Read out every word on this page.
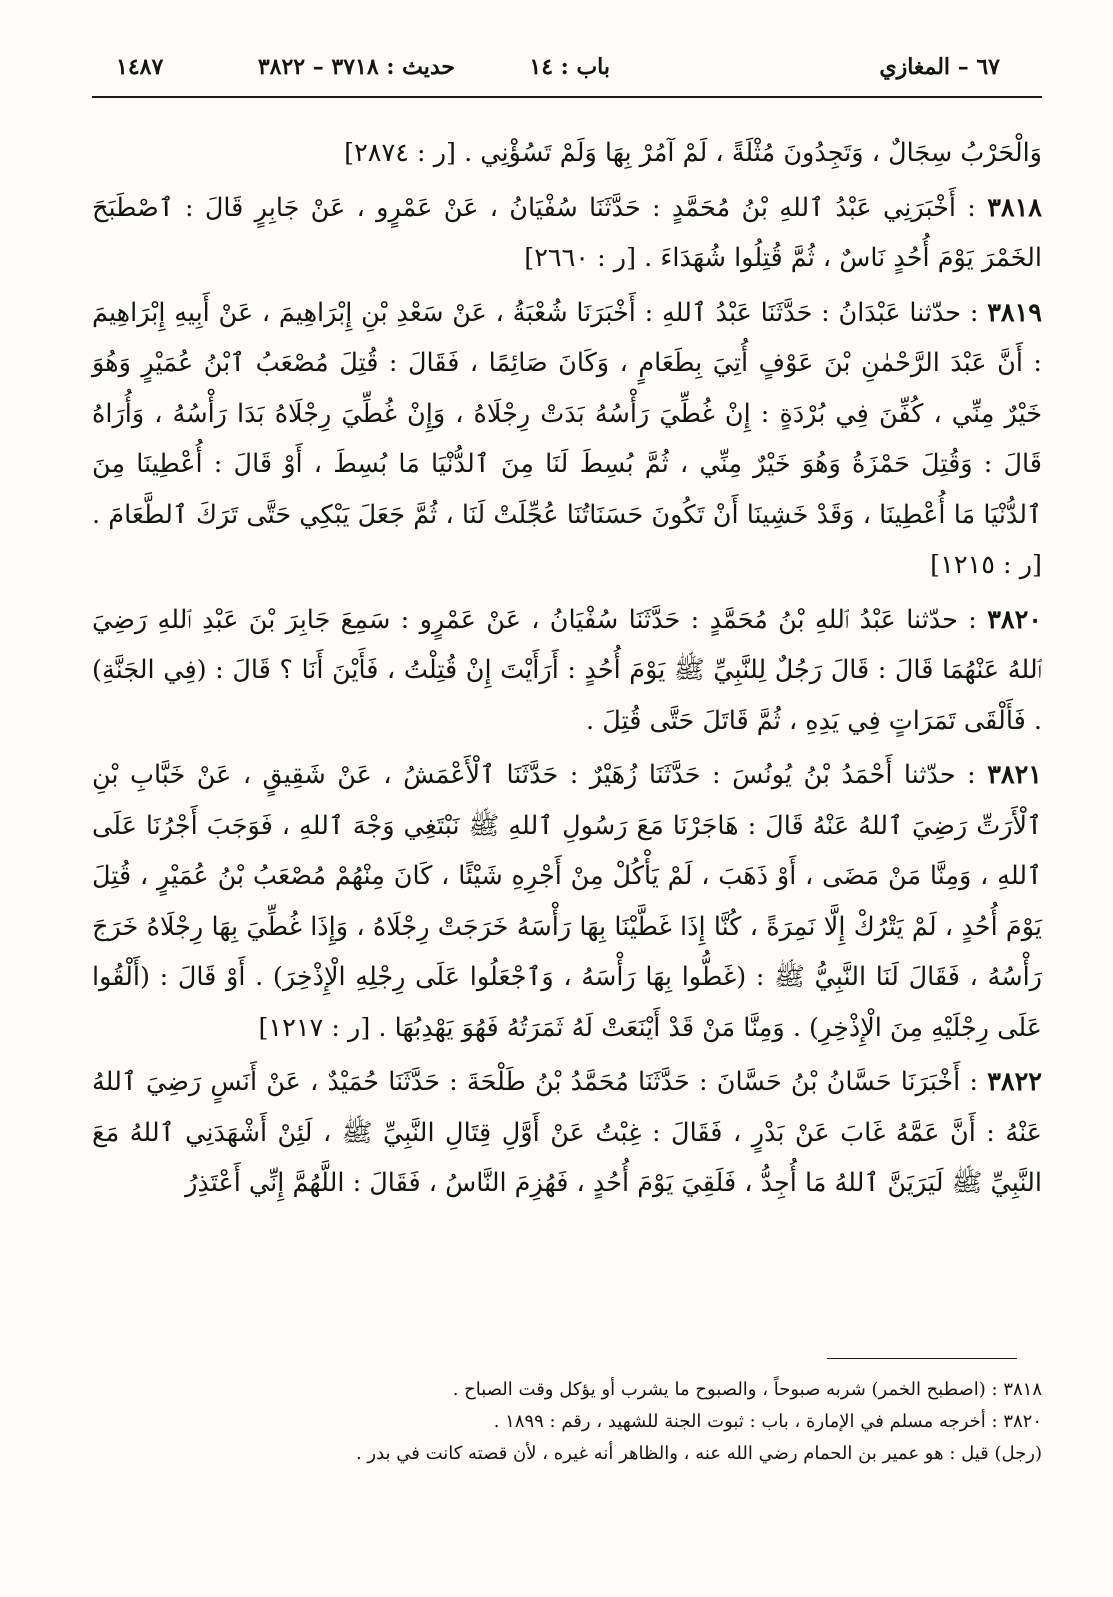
٦٧ – المغازي
باب : ١٤
حديث : ٣٧١٨ – ٣٨٢٢
١٤٨٧

وَالْحَرْبُ سِجَالٌ ، وَتَجِدُونَ مُثْلَةً ، لَمْ آمُرْ بِهَا وَلَمْ تَسُؤْنِي . [ر : ٢٨٧٤]

٣٨١٨ : أَخْبَرَنِي عَبْدُ ٱللهِ بْنُ مُحَمَّدٍ : حَدَّثَنَا سُفْيَانُ ، عَنْ عَمْرٍو ، عَنْ جَابِرٍ قَالَ : ٱصْطَبَحَ الخَمْرَ يَوْمَ أُحُدٍ نَاسٌ ، ثُمَّ قُتِلُوا شُهَدَاءَ . [ر : ٢٦٦٠]

٣٨١٩ : حدّثنا عَبْدَانُ : حَدَّثَنَا عَبْدُ ٱللهِ : أَخْبَرَنَا شُعْبَةُ ، عَنْ سَعْدِ بْنِ إِبْرَاهِيمَ ، عَنْ أَبِيهِ إِبْرَاهِيمَ : أَنَّ عَبْدَ الرَّحْمٰنِ بْنَ عَوْفٍ أُتِيَ بِطَعَامٍ ، وَكَانَ صَائِمًا ، فَقَالَ : قُتِلَ مُصْعَبُ ٱبْنُ عُمَيْرٍ وَهُوَ خَيْرٌ مِنِّي ، كُفِّنَ فِي بُرْدَةٍ : إِنْ غُطِّيَ رَأْسُهُ بَدَتْ رِجْلَاهُ ، وَإِنْ غُطِّيَ رِجْلَاهُ بَدَا رَأْسُهُ ، وَأُرَاهُ قَالَ : وَقُتِلَ حَمْزَةُ وَهُوَ خَيْرٌ مِنِّي ، ثُمَّ بُسِطَ لَنَا مِنَ ٱلدُّنْيَا مَا بُسِطَ ، أَوْ قَالَ : أُعْطِينَا مِنَ ٱلدُّنْيَا مَا أُعْطِينَا ، وَقَدْ خَشِينَا أَنْ تَكُونَ حَسَنَاتُنَا عُجِّلَتْ لَنَا ، ثُمَّ جَعَلَ يَبْكِي حَتَّى تَرَكَ ٱلطَّعَامَ . [ر : ١٢١٥]

٣٨٢٠ : حدّثنا عَبْدُ ٱللهِ بْنُ مُحَمَّدٍ : حَدَّثَنَا سُفْيَانُ ، عَنْ عَمْرٍو : سَمِعَ جَابِرَ بْنَ عَبْدِ ٱللهِ رَضِيَ ٱللهُ عَنْهُمَا قَالَ : قَالَ رَجُلٌ لِلنَّبِيِّ ﷺ يَوْمَ أُحُدٍ : أَرَأَيْتَ إِنْ قُتِلْتُ ، فَأَيْنَ أَنَا ؟ قَالَ : (فِي الجَنَّةِ) . فَأَلْقَى تَمَرَاتٍ فِي يَدِهِ ، ثُمَّ قَاتَلَ حَتَّى قُتِلَ .

٣٨٢١ : حدّثنا أَحْمَدُ بْنُ يُونُسَ : حَدَّثَنَا زُهَيْرٌ : حَدَّثَنَا ٱلْأَعْمَشُ ، عَنْ شَقِيقٍ ، عَنْ خَبَّابِ بْنِ ٱلْأَرَتِّ رَضِيَ ٱللهُ عَنْهُ قَالَ : هَاجَرْنَا مَعَ رَسُولِ ٱللهِ ﷺ نَبْتَغِي وَجْهَ ٱللهِ ، فَوَجَبَ أَجْرُنَا عَلَى ٱللهِ ، وَمِنَّا مَنْ مَضَى ، أَوْ ذَهَبَ ، لَمْ يَأْكُلْ مِنْ أَجْرِهِ شَيْئًا ، كَانَ مِنْهُمْ مُصْعَبُ بْنُ عُمَيْرٍ ، قُتِلَ يَوْمَ أُحُدٍ ، لَمْ يَتْرُكْ إِلَّا نَمِرَةً ، كُنَّا إِذَا غَطَّيْنَا بِهَا رَأْسَهُ خَرَجَتْ رِجْلَاهُ ، وَإِذَا غُطِّيَ بِهَا رِجْلَاهُ خَرَجَ رَأْسُهُ ، فَقَالَ لَنَا النَّبِيُّ ﷺ : (غَطُّوا بِهَا رَأْسَهُ ، وَٱجْعَلُوا عَلَى رِجْلِهِ الْإِذْخِرَ) . أَوْ قَالَ : (أَلْقُوا عَلَى رِجْلَيْهِ مِنَ الْإِذْخِرِ) . وَمِنَّا مَنْ قَدْ أَيْنَعَتْ لَهُ ثَمَرَتُهُ فَهُوَ يَهْدِبُهَا . [ر : ١٢١٧]

٣٨٢٢ : أَخْبَرَنَا حَسَّانُ بْنُ حَسَّانَ : حَدَّثَنَا مُحَمَّدُ بْنُ طَلْحَةَ : حَدَّثَنَا حُمَيْدٌ ، عَنْ أَنَسٍ رَضِيَ ٱللهُ عَنْهُ : أَنَّ عَمَّهُ غَابَ عَنْ بَدْرٍ ، فَقَالَ : غِبْتُ عَنْ أَوَّلِ قِتَالِ النَّبِيِّ ﷺ ، لَئِنْ أَشْهَدَنِي ٱللهُ مَعَ النَّبِيِّ ﷺ لَيَرَيَنَّ ٱللهُ مَا أُجِدُّ ، فَلَقِيَ يَوْمَ أُحُدٍ ، فَهُزِمَ النَّاسُ ، فَقَالَ : اللَّهُمَّ إِنِّي أَعْتَذِرُ

٣٨١٨ : (اصطبح الخمر) شربه صبوحاً ، والصبوح ما يشرب أو يؤكل وقت الصباح .

٣٨٢٠ : أخرجه مسلم في الإمارة ، باب : ثبوت الجنة للشهيد ، رقم : ١٨٩٩ .

(رجل) قيل : هو عمير بن الحمام رضي الله عنه ، والظاهر أنه غيره ، لأن قصته كانت في بدر .
